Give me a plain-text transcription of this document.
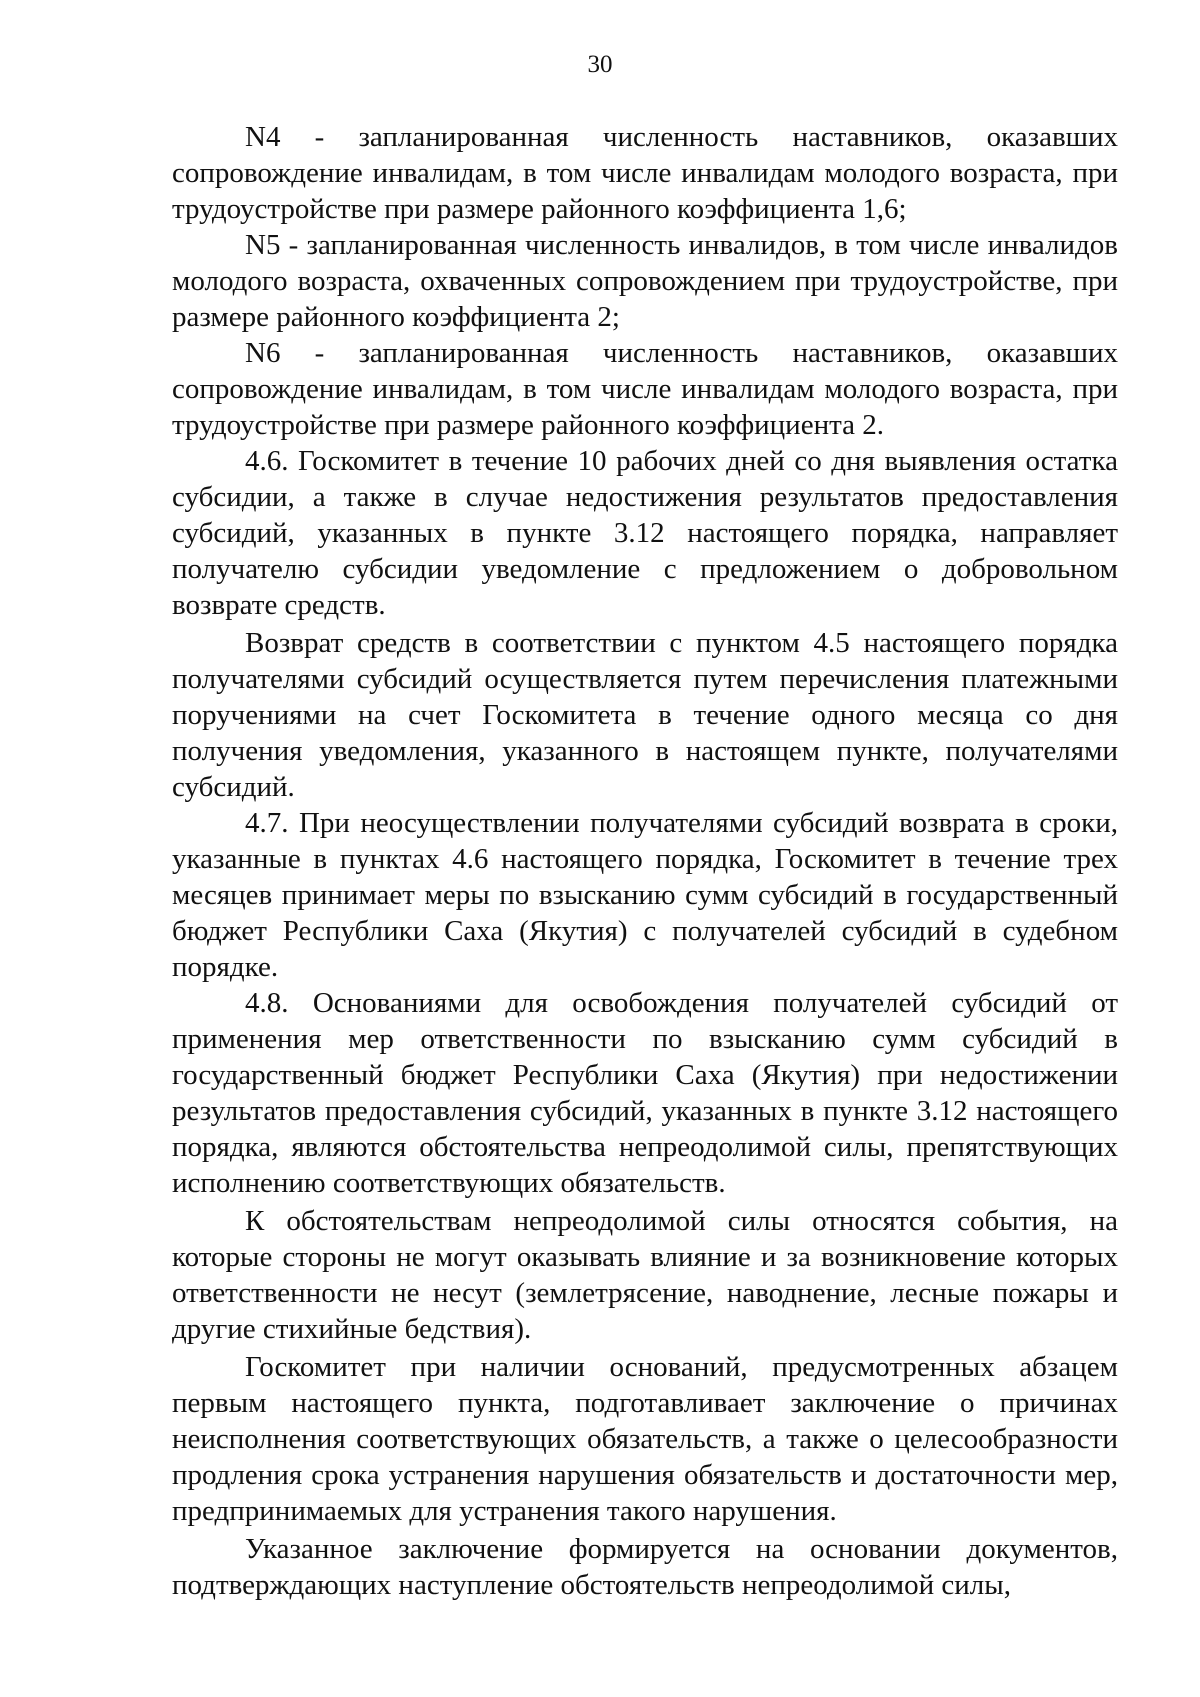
30

N4 - запланированная численность наставников, оказавших сопровождение инвалидам, в том числе инвалидам молодого возраста, при трудоустройстве при размере районного коэффициента 1,6;

N5 - запланированная численность инвалидов, в том числе инвалидов молодого возраста, охваченных сопровождением при трудоустройстве, при размере районного коэффициента 2;

N6 - запланированная численность наставников, оказавших сопровождение инвалидам, в том числе инвалидам молодого возраста, при трудоустройстве при размере районного коэффициента 2.

4.6. Госкомитет в течение 10 рабочих дней со дня выявления остатка субсидии, а также в случае недостижения результатов предоставления субсидий, указанных в пункте 3.12 настоящего порядка, направляет получателю субсидии уведомление с предложением о добровольном возврате средств.

Возврат средств в соответствии с пунктом 4.5 настоящего порядка получателями субсидий осуществляется путем перечисления платежными поручениями на счет Госкомитета в течение одного месяца со дня получения уведомления, указанного в настоящем пункте, получателями субсидий.

4.7. При неосуществлении получателями субсидий возврата в сроки, указанные в пунктах 4.6 настоящего порядка, Госкомитет в течение трех месяцев принимает меры по взысканию сумм субсидий в государственный бюджет Республики Саха (Якутия) с получателей субсидий в судебном порядке.

4.8. Основаниями для освобождения получателей субсидий от применения мер ответственности по взысканию сумм субсидий в государственный бюджет Республики Саха (Якутия) при недостижении результатов предоставления субсидий, указанных в пункте 3.12 настоящего порядка, являются обстоятельства непреодолимой силы, препятствующих исполнению соответствующих обязательств.

К обстоятельствам непреодолимой силы относятся события, на которые стороны не могут оказывать влияние и за возникновение которых ответственности не несут (землетрясение, наводнение, лесные пожары и другие стихийные бедствия).

Госкомитет при наличии оснований, предусмотренных абзацем первым настоящего пункта, подготавливает заключение о причинах неисполнения соответствующих обязательств, а также о целесообразности продления срока устранения нарушения обязательств и достаточности мер, предпринимаемых для устранения такого нарушения.

Указанное заключение формируется на основании документов, подтверждающих наступление обстоятельств непреодолимой силы,
